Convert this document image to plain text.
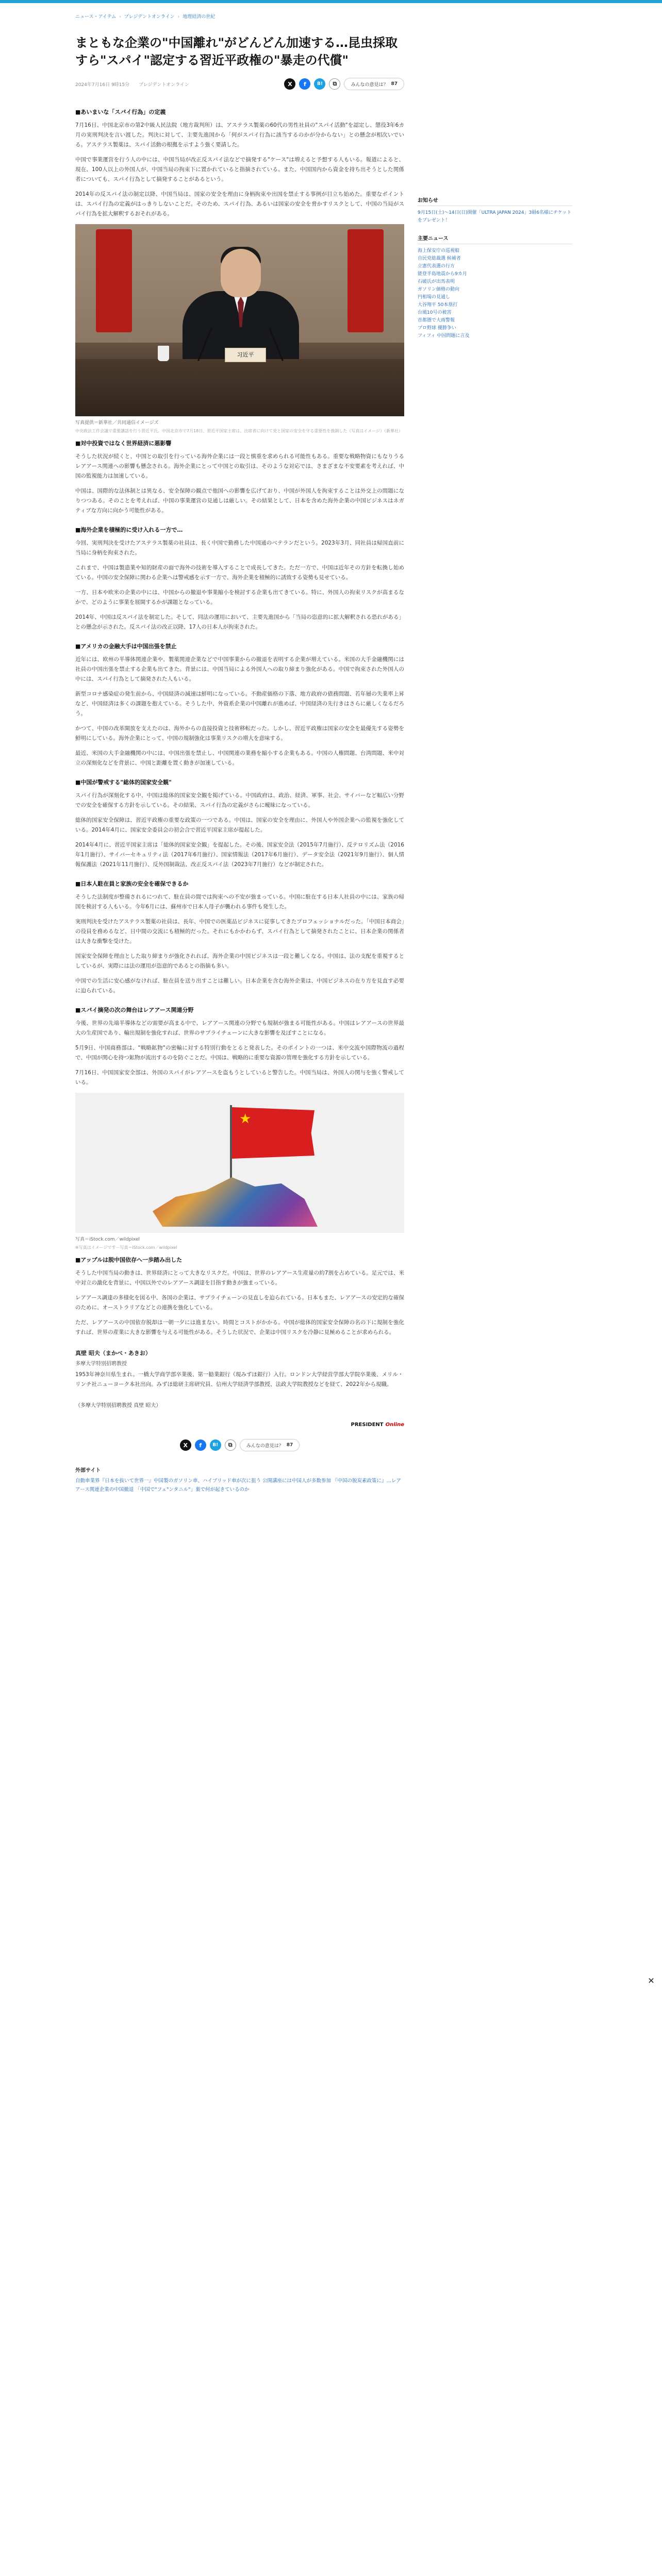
ニュース・アイテム › プレジデントオンライン › 地理経済の世紀
まともな企業の"中国離れ"がどんどん加速する…昆虫採取すら"スパイ"認定する習近平政権の"暴走の代償"
2024年7月16日 9時15分 プレジデントオンライン	X	f	B!	⧉	みんなの意見は？ 87
■あいまいな「スパイ行為」の定義

7月16日、中国北京市の第2中級人民法院（地方裁判所）は、アステラス製薬の60代の男性社員の"スパイ活動"を認定し、懲役3年6カ月の実刑判決を言い渡した。判決に対して、主要先進国から「何がスパイ行為に該当するのかが分からない」との懸念が相次いでいる。アステラス製薬は、スパイ活動の根拠を示すよう強く要請した。

中国で事業運営を行う人の中には、中国当局が改正反スパイ法などで摘発する"ケース"は増えると予想する人もいる。報道によると、現在、100人以上の外国人が、中国当局の拘束下に置かれていると指摘されている。また、中国国内から資金を持ち出そうとした関係者についても、スパイ行為として摘発することがあるという。

2014年の反スパイ法の制定以降、中国当局は、国家の安全を理由に身柄拘束や出国を禁止する事例が目立ち始めた。重要なポイントは、スパイ行為の定義がはっきりしないことだ。そのため、スパイ行為、あるいは国家の安全を脅かすリスクとして、中国の当局がスパイ行為を拡大解釈するおそれがある。

习近平
写真提供＝新華社／共同通信イメージズ
中央政法工作会議で重要講話を行う習近平氏。中国北京市で7月18日、習近平国家主席は、出席者に向けて党と国家の安全を守る重要性を強調した（写真はイメージ）（新華社）
■対中投資ではなく世界経済に悪影響

そうした状況が続くと、中国との取引を行っている海外企業には一段と慎重を求められる可能性もある。重要な戦略物資にもなりうるレアアース関連への影響も懸念される。海外企業にとって中国との取引は、そのような対応では、さまざまな不安要素を考えれば、中国の監視能力は加速している。

中国は、国際的な法体制とは異なる、安全保障の観点で他国への影響を広げており、中国が外国人を拘束することは外交上の問題になりつつある。そのことを考えれば、中国の事業運営の見通しは厳しい。その結果として、日本を含めた海外企業の中国ビジネスはネガティブな方向に向かう可能性がある。

■海外企業を積極的に受け入れる一方で…

今回、実刑判決を受けたアステラス製薬の社員は、長く中国で勤務した中国通のベテランだという。2023年3月、同社員は帰国直前に当局に身柄を拘束された。

これまで、中国は製造業や知的財産の面で海外の技術を導入することで成長してきた。ただ一方で、中国は近年その方針を転換し始めている。中国の安全保障に関わる企業へは警戒感を示す一方で、海外企業を積極的に誘致する姿勢も見せている。

一方、日本や欧米の企業の中には、中国からの撤退や事業縮小を検討する企業も出てきている。特に、外国人の拘束リスクが高まるなかで、どのように事業を展開するかが課題となっている。

2014年、中国は反スパイ法を制定した。そして、同法の運用において、主要先進国から「当局の恣意的に拡大解釈される恐れがある」との懸念が示された。反スパイ法の改正以降、17人の日本人が拘束された。

■アメリカの金融大手は中国出張を禁止

近年には、欧州の半導体関連企業や、製薬関連企業などで中国事業からの撤退を表明する企業が増えている。米国の大手金融機関には社員の中国出張を禁止する企業も出てきた。背景には、中国当局による外国人への取り締まり強化がある。中国で拘束された外国人の中には、スパイ行為として摘発された人もいる。

新型コロナ感染症の発生前から、中国経済の減速は鮮明になっている。不動産価格の下落、地方政府の債務問題、若年層の失業率上昇など、中国経済は多くの課題を抱えている。そうした中、外資系企業の中国離れが進めば、中国経済の先行きはさらに厳しくなるだろう。

かつて、中国の改革開放を支えたのは、海外からの直接投資と技術移転だった。しかし、習近平政権は国家の安全を最優先する姿勢を鮮明にしている。海外企業にとって、中国の規制強化は事業リスクの増大を意味する。

最近、米国の大手金融機関の中には、中国出張を禁止し、中国関連の業務を縮小する企業もある。中国の人権問題、台湾問題、米中対立の深刻化などを背景に、中国と距離を置く動きが加速している。

■中国が警戒する"総体的国家安全観"

スパイ行為が深刻化する中、中国は総体的国家安全観を掲げている。中国政府は、政治、経済、軍事、社会、サイバーなど幅広い分野での安全を確保する方針を示している。その結果、スパイ行為の定義がさらに曖昧になっている。

総体的国家安全保障は、習近平政権の重要な政策の一つである。中国は、国家の安全を理由に、外国人や外国企業への監視を強化している。2014年4月に、国家安全委員会の初会合で習近平国家主席が提起した。

2014年4月に、習近平国家主席は「総体的国家安全観」を提起した。その後、国家安全法（2015年7月施行）、反テロリズム法（2016年1月施行）、サイバーセキュリティ法（2017年6月施行）、国家情報法（2017年6月施行）、データ安全法（2021年9月施行）、個人情報保護法（2021年11月施行）、反外国制裁法、改正反スパイ法（2023年7月施行）などが制定された。

■日本人駐在員と家族の安全を確保できるか

そうした法制度が整備されるにつれて、駐在員の間では拘束への不安が強まっている。中国に駐在する日本人社員の中には、家族の帰国を検討する人もいる。今年6月には、蘇州市で日本人母子が襲われる事件も発生した。

実刑判決を受けたアステラス製薬の社員は、長年、中国での医薬品ビジネスに従事してきたプロフェッショナルだった。「中国日本商会」の役員を務めるなど、日中間の交流にも積極的だった。それにもかかわらず、スパイ行為として摘発されたことに、日本企業の関係者は大きな衝撃を受けた。

国家安全保障を理由とした取り締まりが強化されれば、海外企業の中国ビジネスは一段と難しくなる。中国は、法の支配を重視するとしているが、実際には法の運用が恣意的であるとの指摘も多い。

中国での生活に安心感がなければ、駐在員を送り出すことは難しい。日本企業を含む海外企業は、中国ビジネスの在り方を見直す必要に迫られている。

■スパイ摘発の次の舞台はレアアース関連分野

今後、世界の先端半導体などの需要が高まる中で、レアアース関連の分野でも規制が強まる可能性がある。中国はレアアースの世界最大の生産国であり、輸出規制を強化すれば、世界のサプライチェーンに大きな影響を及ぼすことになる。

5月9日、中国商務部は、"戦略鉱物"の密輸に対する特別行動をとると発表した。そのポイントの一つは、米中交流や国際物流の過程で、中国が関心を持つ鉱物が流出するのを防ぐことだ。中国は、戦略的に重要な資源の管理を強化する方針を示している。

7月16日、中国国家安全部は、外国のスパイがレアアースを盗もうとしていると警告した。中国当局は、外国人の関与を強く警戒している。

★
写真＝iStock.com／wildpixel
※写真はイメージです－写真＝iStock.com／wildpixel
■アップルは脱中国依存へ一歩踏み出した

そうした中国当局の動きは、世界経済にとって大きなリスクだ。中国は、世界のレアアース生産量の約7割を占めている。足元では、米中対立の激化を背景に、中国以外でのレアアース調達を目指す動きが強まっている。

レアアース調達の多様化を図る中、各国の企業は、サプライチェーンの見直しを迫られている。日本もまた、レアアースの安定的な確保のために、オーストラリアなどとの連携を強化している。

ただ、レアアースの中国依存脱却は一朝一夕には進まない。時間とコストがかかる。中国が総体的国家安全保障の名の下に規制を強化すれば、世界の産業に大きな影響を与える可能性がある。そうした状況で、企業は中国リスクを冷静に見極めることが求められる。

真壁 昭夫（まかべ・あきお）
多摩大学特別招聘教授
1953年神奈川県生まれ。一橋大学商学部卒業後、第一勧業銀行（現みずほ銀行）入行。ロンドン大学経営学部大学院卒業後、メリル・リンチ社ニューヨーク本社出向。みずほ総研主席研究員、信州大学経済学部教授、法政大学院教授などを経て、2022年から現職。
（多摩大学特別招聘教授 真壁 昭夫）
PRESIDENT Online
X	f	B!	⧉	みんなの意見は？ 87
外部サイト
自動車業界『日本を抜いて世界一』中国製のガソリン車、ハイブリッド車が次に狙う 公開講座には中国人が多数参加 『中国の脱炭素政策に』…レアアース関連企業の中国撤退 「中国で"フェ"ンタニル"」裏で何が起きているのか
お知らせ
9月15日(土)～14日(日)開催「ULTRA JAPAN 2024」3組6名様にチケットをプレゼント！
主要ニュース
海上保安庁の巡視船
自民党総裁選 候補者
立憲代表選の行方
能登半島地震から9カ月
石破氏が出馬表明
ガソリン価格の動向
円相場の見通し
大谷翔平 50本塁打
台風10号の被害
首都圏で大雨警報
プロ野球 優勝争い
フィフィ 中国問題に言及
✕
